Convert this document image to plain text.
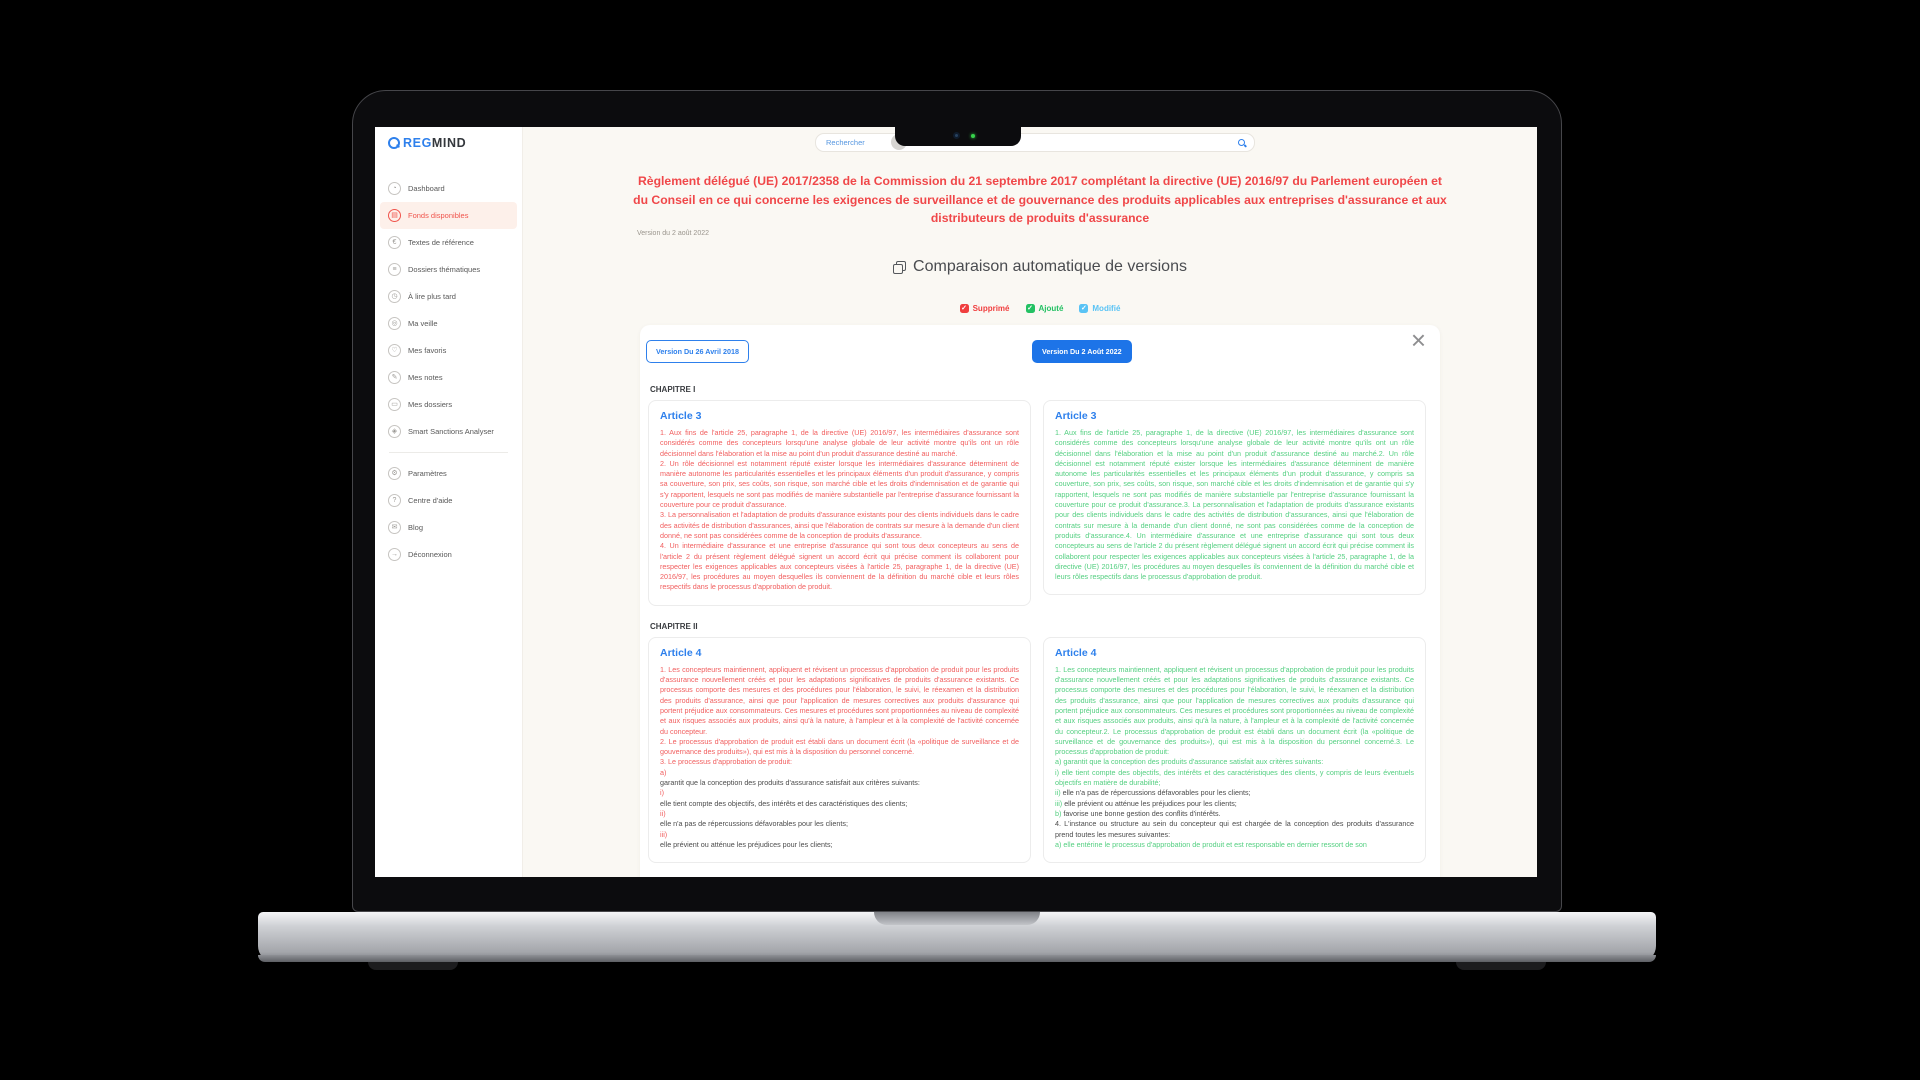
REGMIND
◔	Dashboard
▤	Fonds disponibles
€	Textes de référence
≡	Dossiers thématiques
◷	À lire plus tard
◎	Ma veille
♡	Mes favoris
✎	Mes notes
▭	Mes dossiers
◈	Smart Sanctions Analyser
⚙	Paramètres
?	Centre d'aide
✉	Blog
→	Déconnexion
Rechercher
Règlement délégué (UE) 2017/2358 de la Commission du 21 septembre 2017 complétant la directive (UE) 2016/97 du Parlement européen et du Conseil en ce qui concerne les exigences de surveillance et de gouvernance des produits applicables aux entreprises d'assurance et aux distributeurs de produits d'assurance
Version du 2 août 2022
Comparaison automatique de versions
✓ Supprimé	✓ Ajouté	✓ Modifié
×
Version Du 26 Avril 2018	Version Du 2 Août 2022
CHAPITRE I
Article 3
1. Aux fins de l'article 25, paragraphe 1, de la directive (UE) 2016/97, les intermédiaires d'assurance sont considérés comme des concepteurs lorsqu'une analyse globale de leur activité montre qu'ils ont un rôle décisionnel dans l'élaboration et la mise au point d'un produit d'assurance destiné au marché.
2. Un rôle décisionnel est notamment réputé exister lorsque les intermédiaires d'assurance déterminent de manière autonome les particularités essentielles et les principaux éléments d'un produit d'assurance, y compris sa couverture, son prix, ses coûts, son risque, son marché cible et les droits d'indemnisation et de garantie qui s'y rapportent, lesquels ne sont pas modifiés de manière substantielle par l'entreprise d'assurance fournissant la couverture pour ce produit d'assurance.
3. La personnalisation et l'adaptation de produits d'assurance existants pour des clients individuels dans le cadre des activités de distribution d'assurances, ainsi que l'élaboration de contrats sur mesure à la demande d'un client donné, ne sont pas considérées comme de la conception de produits d'assurance.
4. Un intermédiaire d'assurance et une entreprise d'assurance qui sont tous deux concepteurs au sens de l'article 2 du présent règlement délégué signent un accord écrit qui précise comment ils collaborent pour respecter les exigences applicables aux concepteurs visées à l'article 25, paragraphe 1, de la directive (UE) 2016/97, les procédures au moyen desquelles ils conviennent de la définition du marché cible et leurs rôles respectifs dans le processus d'approbation de produit.
Article 3
1. Aux fins de l'article 25, paragraphe 1, de la directive (UE) 2016/97, les intermédiaires d'assurance sont considérés comme des concepteurs lorsqu'une analyse globale de leur activité montre qu'ils ont un rôle décisionnel dans l'élaboration et la mise au point d'un produit d'assurance destiné au marché.2. Un rôle décisionnel est notamment réputé exister lorsque les intermédiaires d'assurance déterminent de manière autonome les particularités essentielles et les principaux éléments d'un produit d'assurance, y compris sa couverture, son prix, ses coûts, son risque, son marché cible et les droits d'indemnisation et de garantie qui s'y rapportent, lesquels ne sont pas modifiés de manière substantielle par l'entreprise d'assurance fournissant la couverture pour ce produit d'assurance.3. La personnalisation et l'adaptation de produits d'assurance existants pour des clients individuels dans le cadre des activités de distribution d'assurances, ainsi que l'élaboration de contrats sur mesure à la demande d'un client donné, ne sont pas considérées comme de la conception de produits d'assurance.4. Un intermédiaire d'assurance et une entreprise d'assurance qui sont tous deux concepteurs au sens de l'article 2 du présent règlement délégué signent un accord écrit qui précise comment ils collaborent pour respecter les exigences applicables aux concepteurs visées à l'article 25, paragraphe 1, de la directive (UE) 2016/97, les procédures au moyen desquelles ils conviennent de la définition du marché cible et leurs rôles respectifs dans le processus d'approbation de produit.
CHAPITRE II
Article 4
1. Les concepteurs maintiennent, appliquent et révisent un processus d'approbation de produit pour les produits d'assurance nouvellement créés et pour les adaptations significatives de produits d'assurance existants. Ce processus comporte des mesures et des procédures pour l'élaboration, le suivi, le réexamen et la distribution des produits d'assurance, ainsi que pour l'application de mesures correctives aux produits d'assurance qui portent préjudice aux consommateurs. Ces mesures et procédures sont proportionnées au niveau de complexité et aux risques associés aux produits, ainsi qu'à la nature, à l'ampleur et à la complexité de l'activité concernée du concepteur.
2. Le processus d'approbation de produit est établi dans un document écrit (la «politique de surveillance et de gouvernance des produits»), qui est mis à la disposition du personnel concerné.
3. Le processus d'approbation de produit:
a)
garantit que la conception des produits d'assurance satisfait aux critères suivants:
i)
elle tient compte des objectifs, des intérêts et des caractéristiques des clients;
ii)
elle n'a pas de répercussions défavorables pour les clients;
iii)
elle prévient ou atténue les préjudices pour les clients;
Article 4
1. Les concepteurs maintiennent, appliquent et révisent un processus d'approbation de produit pour les produits d'assurance nouvellement créés et pour les adaptations significatives de produits d'assurance existants. Ce processus comporte des mesures et des procédures pour l'élaboration, le suivi, le réexamen et la distribution des produits d'assurance, ainsi que pour l'application de mesures correctives aux produits d'assurance qui portent préjudice aux consommateurs. Ces mesures et procédures sont proportionnées au niveau de complexité et aux risques associés aux produits, ainsi qu'à la nature, à l'ampleur et à la complexité de l'activité concernée du concepteur.2. Le processus d'approbation de produit est établi dans un document écrit (la «politique de surveillance et de gouvernance des produits»), qui est mis à la disposition du personnel concerné.3. Le processus d'approbation de produit:
a) garantit que la conception des produits d'assurance satisfait aux critères suivants:
i) elle tient compte des objectifs, des intérêts et des caractéristiques des clients, y compris de leurs éventuels objectifs en matière de durabilité;
ii) elle n'a pas de répercussions défavorables pour les clients;
iii) elle prévient ou atténue les préjudices pour les clients;
b) favorise une bonne gestion des conflits d'intérêts.
4. L'instance ou structure au sein du concepteur qui est chargée de la conception des produits d'assurance prend toutes les mesures suivantes:
a) elle entérine le processus d'approbation de produit et est responsable en dernier ressort de son
